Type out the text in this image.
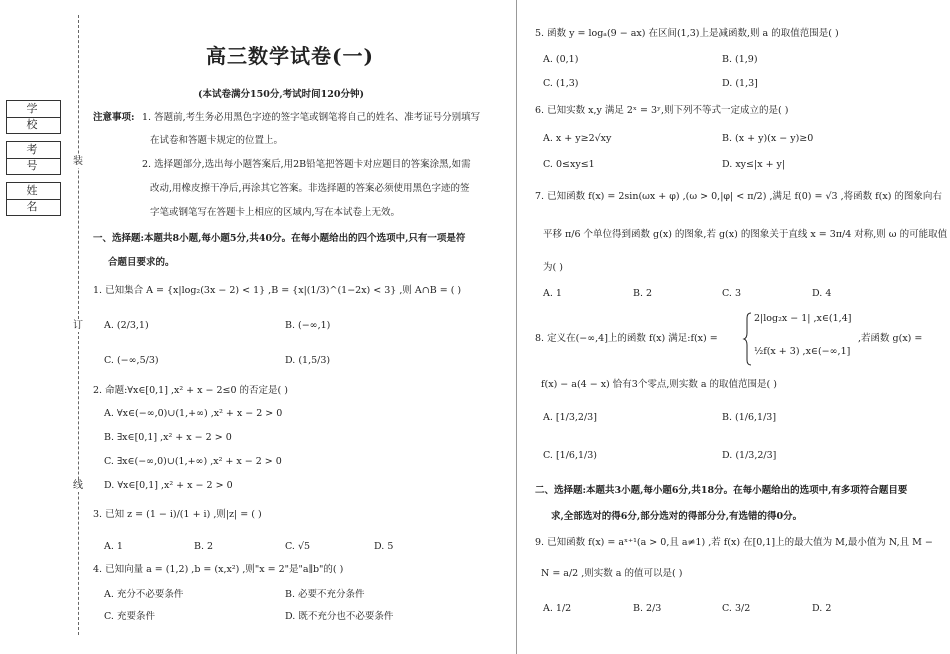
学 校
考 号
姓 名
装
订
线
高三数学试卷(一)
(本试卷满分150分,考试时间120分钟)
注意事项: 1. 答题前,考生务必用黑色字迹的签字笔或钢笔将自己的姓名、准考证号分别填写
在试卷和答题卡规定的位置上。
2. 选择题部分,选出每小题答案后,用2B铅笔把答题卡对应题目的答案涂黑,如需
改动,用橡皮擦干净后,再涂其它答案。非选择题的答案必须使用黑色字迹的签
字笔或钢笔写在答题卡上相应的区域内,写在本试卷上无效。
一、选择题:本题共8小题,每小题5分,共40分。在每小题给出的四个选项中,只有一项是符
合题目要求的。
1. 已知集合 A = {x|log₂(3x − 2) < 1} ,B = {x|(1/3)^(1−2x) < 3} ,则 A∩B = ( )
A. (2/3,1)	B. (−∞,1)
C. (−∞,5/3)	D. (1,5/3)
2. 命题:∀x∈[0,1] ,x² + x − 2≤0 的否定是( )
A. ∀x∈(−∞,0)∪(1,+∞) ,x² + x − 2 > 0
B. ∃x∈[0,1] ,x² + x − 2 > 0
C. ∃x∈(−∞,0)∪(1,+∞) ,x² + x − 2 > 0
D. ∀x∈[0,1] ,x² + x − 2 > 0
3. 已知 z = (1 − i)/(1 + i) ,则|z| = ( )
A. 1	B. 2	C. √5	D. 5
4. 已知向量 a = (1,2) ,b = (x,x²) ,则"x = 2"是"a∥b"的( )
A. 充分不必要条件	B. 必要不充分条件
C. 充要条件	D. 既不充分也不必要条件
5. 函数 y = logₐ(9 − ax) 在区间(1,3)上是减函数,则 a 的取值范围是( )
A. (0,1)	B. (1,9)
C. (1,3)	D. (1,3]
6. 已知实数 x,y 满足 2ˣ = 3ʸ,则下列不等式一定成立的是( )
A. x + y≥2√xy	B. (x + y)(x − y)≥0
C. 0≤xy≤1	D. xy≤|x + y|
7. 已知函数 f(x) = 2sin(ωx + φ) ,(ω > 0,|φ| < π/2) ,满足 f(0) = √3 ,将函数 f(x) 的图象向右
平移 π/6 个单位得到函数 g(x) 的图象,若 g(x) 的图象关于直线 x = 3π/4 对称,则 ω 的可能取值
为( )
A. 1	B. 2	C. 3	D. 4
8. 定义在(−∞,4]上的函数 f(x) 满足:f(x) =
2|log₂x − 1| ,x∈(1,4]
½f(x + 3) ,x∈(−∞,1]
,若函数 g(x) =
f(x) − a(4 − x) 恰有3个零点,则实数 a 的取值范围是( )
A. [1/3,2/3]	B. (1/6,1/3]
C. [1/6,1/3)	D. (1/3,2/3]
二、选择题:本题共3小题,每小题6分,共18分。在每小题给出的选项中,有多项符合题目要
求,全部选对的得6分,部分选对的得部分分,有选错的得0分。
9. 已知函数 f(x) = aˣ⁺¹(a > 0,且 a≠1) ,若 f(x) 在[0,1]上的最大值为 M,最小值为 N,且 M −
N = a/2 ,则实数 a 的值可以是( )
A. 1/2	B. 2/3	C. 3/2	D. 2
